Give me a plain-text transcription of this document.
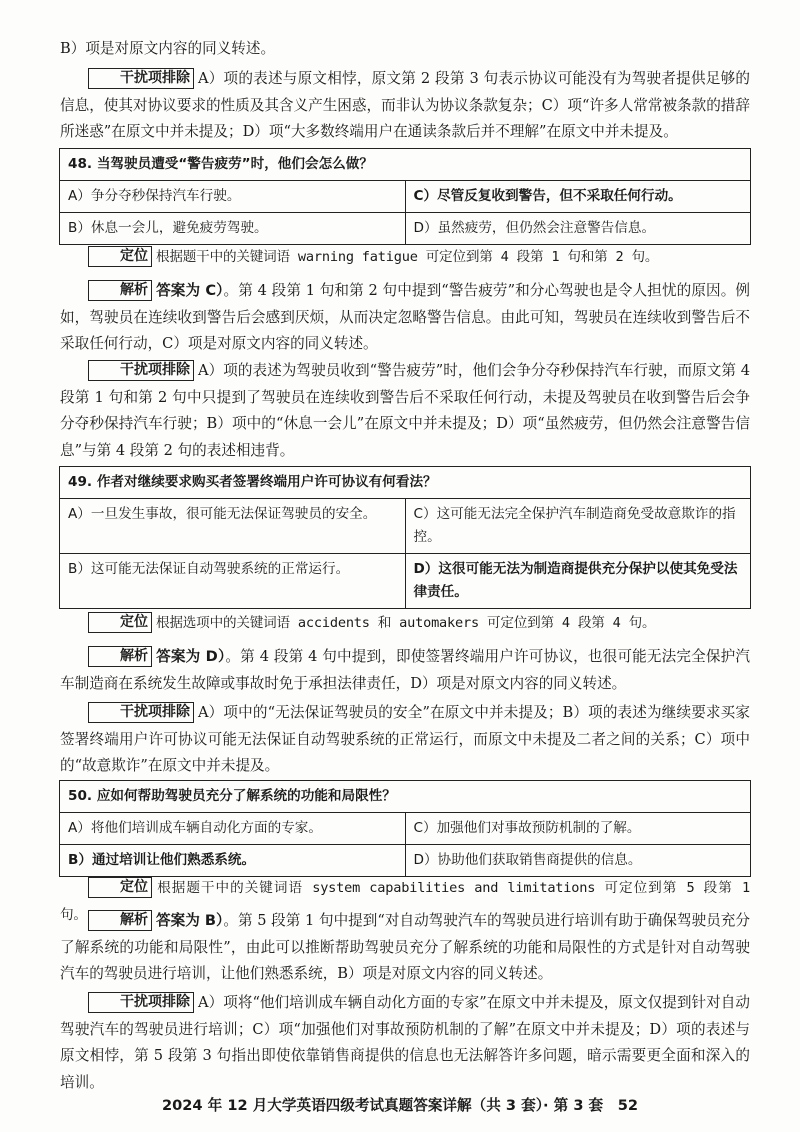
B）项是对原文内容的同义转述。
干扰项排除 A）项的表述与原文相悖，原文第 2 段第 3 句表示协议可能没有为驾驶者提供足够的信息，使其对协议要求的性质及其含义产生困惑，而非认为协议条款复杂；C）项“许多人常常被条款的措辞所迷惑”在原文中并未提及；D）项“大多数终端用户在通读条款后并不理解”在原文中并未提及。
48. 当驾驶员遭受“警告疲劳”时，他们会怎么做？	
A）争分夺秒保持汽车行驶。	C）尽管反复收到警告，但不采取任何行动。
B）休息一会儿，避免疲劳驾驶。	D）虽然疲劳，但仍然会注意警告信息。
定位 根据题干中的关键词语 warning fatigue 可定位到第 4 段第 1 句和第 2 句。
解析 答案为 C）。第 4 段第 1 句和第 2 句中提到“警告疲劳”和分心驾驶也是令人担忧的原因。例如，驾驶员在连续收到警告后会感到厌烦，从而决定忽略警告信息。由此可知，驾驶员在连续收到警告后不采取任何行动，C）项是对原文内容的同义转述。
干扰项排除 A）项的表述为驾驶员收到“警告疲劳”时，他们会争分夺秒保持汽车行驶，而原文第 4 段第 1 句和第 2 句中只提到了驾驶员在连续收到警告后不采取任何行动，未提及驾驶员在收到警告后会争分夺秒保持汽车行驶；B）项中的“休息一会儿”在原文中并未提及；D）项“虽然疲劳，但仍然会注意警告信息”与第 4 段第 2 句的表述相违背。
49. 作者对继续要求购买者签署终端用户许可协议有何看法？	
A）一旦发生事故，很可能无法保证驾驶员的安全。	C）这可能无法完全保护汽车制造商免受故意欺诈的指控。
B）这可能无法保证自动驾驶系统的正常运行。	D）这很可能无法为制造商提供充分保护以使其免受法律责任。
定位 根据选项中的关键词语 accidents 和 automakers 可定位到第 4 段第 4 句。
解析 答案为 D）。第 4 段第 4 句中提到，即使签署终端用户许可协议，也很可能无法完全保护汽车制造商在系统发生故障或事故时免于承担法律责任，D）项是对原文内容的同义转述。
干扰项排除 A）项中的“无法保证驾驶员的安全”在原文中并未提及；B）项的表述为继续要求买家签署终端用户许可协议可能无法保证自动驾驶系统的正常运行，而原文中未提及二者之间的关系；C）项中的“故意欺诈”在原文中并未提及。
50. 应如何帮助驾驶员充分了解系统的功能和局限性？	
A）将他们培训成车辆自动化方面的专家。	C）加强他们对事故预防机制的了解。
B）通过培训让他们熟悉系统。	D）协助他们获取销售商提供的信息。
定位 根据题干中的关键词语 system capabilities and limitations 可定位到第 5 段第 1 句。	解析 答案为 B）。第 5 段第 1 句中提到“对自动驾驶汽车的驾驶员进行培训有助于确保驾驶员充分了解系统的功能和局限性”，由此可以推断帮助驾驶员充分了解系统的功能和局限性的方式是针对自动驾驶汽车的驾驶员进行培训，让他们熟悉系统，B）项是对原文内容的同义转述。
干扰项排除 A）项将“他们培训成车辆自动化方面的专家”在原文中并未提及，原文仅提到针对自动驾驶汽车的驾驶员进行培训；C）项“加强他们对事故预防机制的了解”在原文中并未提及；D）项的表述与原文相悖，第 5 段第 3 句指出即使依靠销售商提供的信息也无法解答许多问题，暗示需要更全面和深入的培训。
2024 年 12 月大学英语四级考试真题答案详解（共 3 套）· 第 3 套　52
